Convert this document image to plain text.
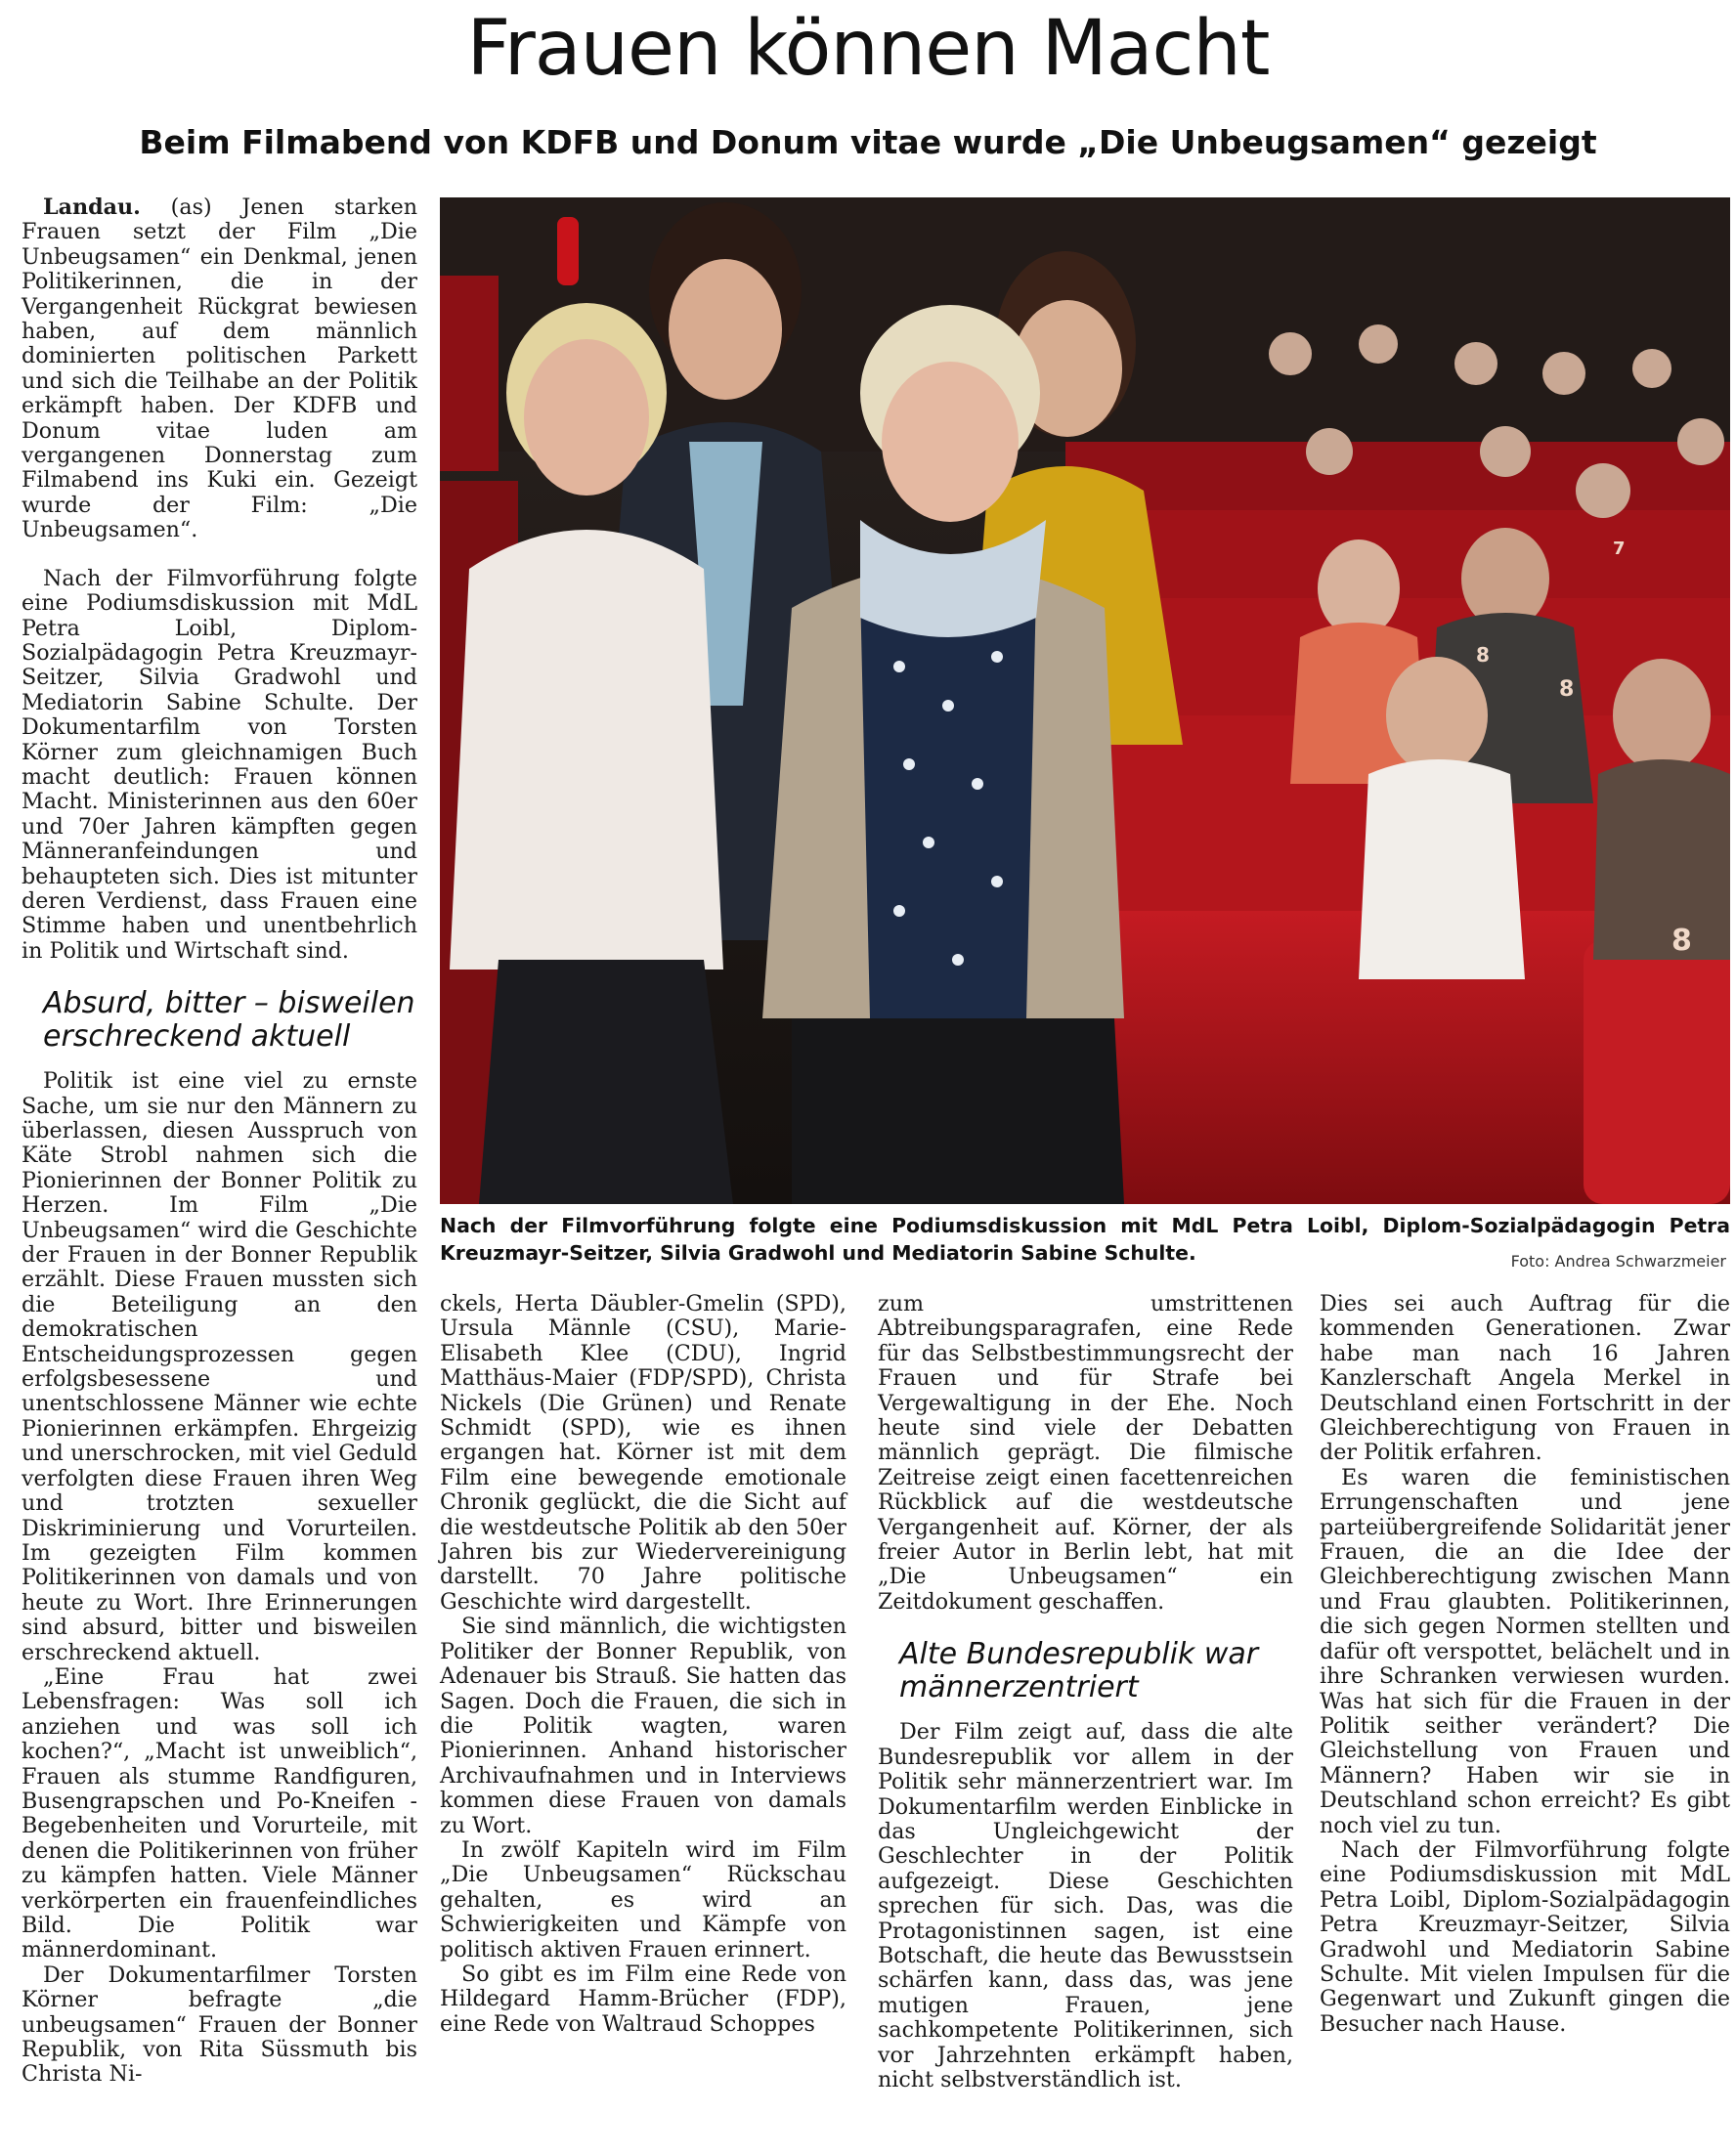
Frauen können Macht
Beim Filmabend von KDFB und Donum vitae wurde „Die Unbeugsamen“ gezeigt

Landau. (as) Jenen starken Frauen setzt der Film „Die Unbeugsamen“ ein Denkmal, jenen Politikerinnen, die in der Vergangenheit Rückgrat bewiesen haben, auf dem männlich dominierten politischen Parkett und sich die Teilhabe an der Politik erkämpft haben. Der KDFB und Donum vitae luden am vergangenen Donnerstag zum Filmabend ins Kuki ein. Gezeigt wurde der Film: „Die Unbeugsamen“.

Nach der Filmvorführung folgte eine Podiumsdiskussion mit MdL Petra Loibl, Diplom-Sozialpädagogin Petra Kreuzmayr-Seitzer, Silvia Gradwohl und Mediatorin Sabine Schulte. Der Dokumentarfilm von Torsten Körner zum gleichnamigen Buch macht deutlich: Frauen können Macht. Ministerinnen aus den 60er und 70er Jahren kämpften gegen Männeranfeindungen und behaupteten sich. Dies ist mitunter deren Verdienst, dass Frauen eine Stimme haben und unentbehrlich in Politik und Wirtschaft sind.

Absurd, bitter – bisweilen erschreckend aktuell

Politik ist eine viel zu ernste Sache, um sie nur den Männern zu überlassen, diesen Ausspruch von Käte Strobl nahmen sich die Pionierinnen der Bonner Politik zu Herzen. Im Film „Die Unbeugsamen“ wird die Geschichte der Frauen in der Bonner Republik erzählt. Diese Frauen mussten sich die Beteiligung an den demokratischen Entscheidungsprozessen gegen erfolgsbesessene und unentschlossene Männer wie echte Pionierinnen erkämpfen. Ehrgeizig und unerschrocken, mit viel Geduld verfolgten diese Frauen ihren Weg und trotzten sexueller Diskriminierung und Vorurteilen. Im gezeigten Film kommen Politikerinnen von damals und von heute zu Wort. Ihre Erinnerungen sind absurd, bitter und bisweilen erschreckend aktuell.

„Eine Frau hat zwei Lebensfragen: Was soll ich anziehen und was soll ich kochen?“, „Macht ist unweiblich“, Frauen als stumme Randfiguren, Busengrapschen und Po-Kneifen - Begebenheiten und Vorurteile, mit denen die Politikerinnen von früher zu kämpfen hatten. Viele Männer verkörperten ein frauenfeindliches Bild. Die Politik war männerdominant.

Der Dokumentarfilmer Torsten Körner befragte „die unbeugsamen“ Frauen der Bonner Republik, von Rita Süssmuth bis Christa Ni-

8
8
8
7
Nach der Filmvorführung folgte eine Podiumsdiskussion mit MdL Petra Loibl, Diplom-Sozialpädagogin Petra Kreuzmayr-Seitzer, Silvia Gradwohl und Mediatorin Sabine Schulte.	Foto: Andrea Schwarzmeier

ckels, Herta Däubler-Gmelin (SPD), Ursula Männle (CSU), Marie-Elisabeth Klee (CDU), Ingrid Matthäus-Maier (FDP/SPD), Christa Nickels (Die Grünen) und Renate Schmidt (SPD), wie es ihnen ergangen hat. Körner ist mit dem Film eine bewegende emotionale Chronik geglückt, die die Sicht auf die westdeutsche Politik ab den 50er Jahren bis zur Wiedervereinigung darstellt. 70 Jahre politische Geschichte wird dargestellt.

Sie sind männlich, die wichtigsten Politiker der Bonner Republik, von Adenauer bis Strauß. Sie hatten das Sagen. Doch die Frauen, die sich in die Politik wagten, waren Pionierinnen. Anhand historischer Archivaufnahmen und in Interviews kommen diese Frauen von damals zu Wort.

In zwölf Kapiteln wird im Film „Die Unbeugsamen“ Rückschau gehalten, es wird an Schwierigkeiten und Kämpfe von politisch aktiven Frauen erinnert.

So gibt es im Film eine Rede von Hildegard Hamm-Brücher (FDP), eine Rede von Waltraud Schoppes

zum umstrittenen Abtreibungsparagrafen, eine Rede für das Selbstbestimmungsrecht der Frauen und für Strafe bei Vergewaltigung in der Ehe. Noch heute sind viele der Debatten männlich geprägt. Die filmische Zeitreise zeigt einen facettenreichen Rückblick auf die westdeutsche Vergangenheit auf. Körner, der als freier Autor in Berlin lebt, hat mit „Die Unbeugsamen“ ein Zeitdokument geschaffen.

Alte Bundesrepublik war männerzentriert

Der Film zeigt auf, dass die alte Bundesrepublik vor allem in der Politik sehr männerzentriert war. Im Dokumentarfilm werden Einblicke in das Ungleichgewicht der Geschlechter in der Politik aufgezeigt. Diese Geschichten sprechen für sich. Das, was die Protagonistinnen sagen, ist eine Botschaft, die heute das Bewusstsein schärfen kann, dass das, was jene mutigen Frauen, jene sachkompetente Politikerinnen, sich vor Jahrzehnten erkämpft haben, nicht selbstverständlich ist.

Dies sei auch Auftrag für die kommenden Generationen. Zwar habe man nach 16 Jahren Kanzlerschaft Angela Merkel in Deutschland einen Fortschritt in der Gleichberechtigung von Frauen in der Politik erfahren.

Es waren die feministischen Errungenschaften und jene parteiübergreifende Solidarität jener Frauen, die an die Idee der Gleichberechtigung zwischen Mann und Frau glaubten. Politikerinnen, die sich gegen Normen stellten und dafür oft verspottet, belächelt und in ihre Schranken verwiesen wurden. Was hat sich für die Frauen in der Politik seither verändert? Die Gleichstellung von Frauen und Männern? Haben wir sie in Deutschland schon erreicht? Es gibt noch viel zu tun.

Nach der Filmvorführung folgte eine Podiumsdiskussion mit MdL Petra Loibl, Diplom-Sozialpädagogin Petra Kreuzmayr-Seitzer, Silvia Gradwohl und Mediatorin Sabine Schulte. Mit vielen Impulsen für die Gegenwart und Zukunft gingen die Besucher nach Hause.
